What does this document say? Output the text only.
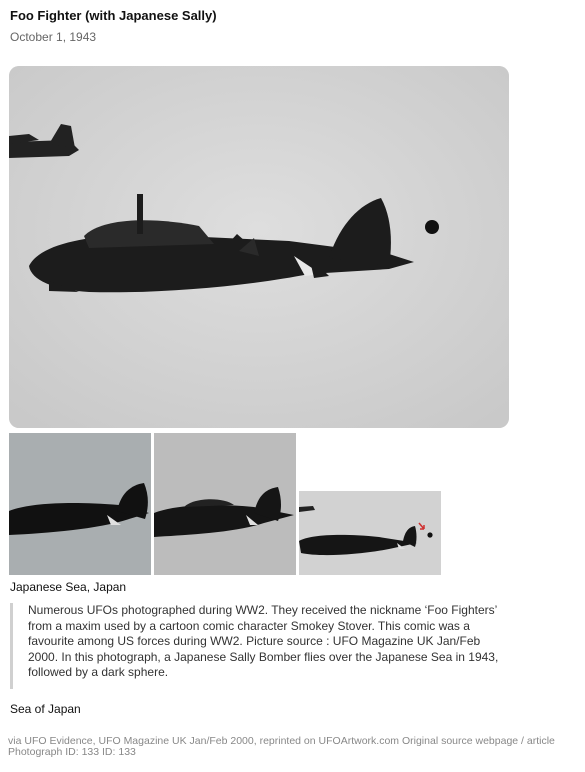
Foo Fighter (with Japanese Sally)
October 1, 1943
Japanese Sea, Japan

Numerous UFOs photographed during WW2. They received the nickname ‘Foo Fighters’ from a maxim used by a cartoon comic character Smokey Stover. This comic was a favourite among US forces during WW2. Picture source : UFO Magazine UK Jan/Feb 2000. In this photograph, a Japanese Sally Bomber flies over the Japanese Sea in 1943, followed by a dark sphere.

Sea of Japan
via UFO Evidence, UFO Magazine UK Jan/Feb 2000, reprinted on UFOArtwork.com Original source webpage / article
Photograph ID: 133 ID: 133
